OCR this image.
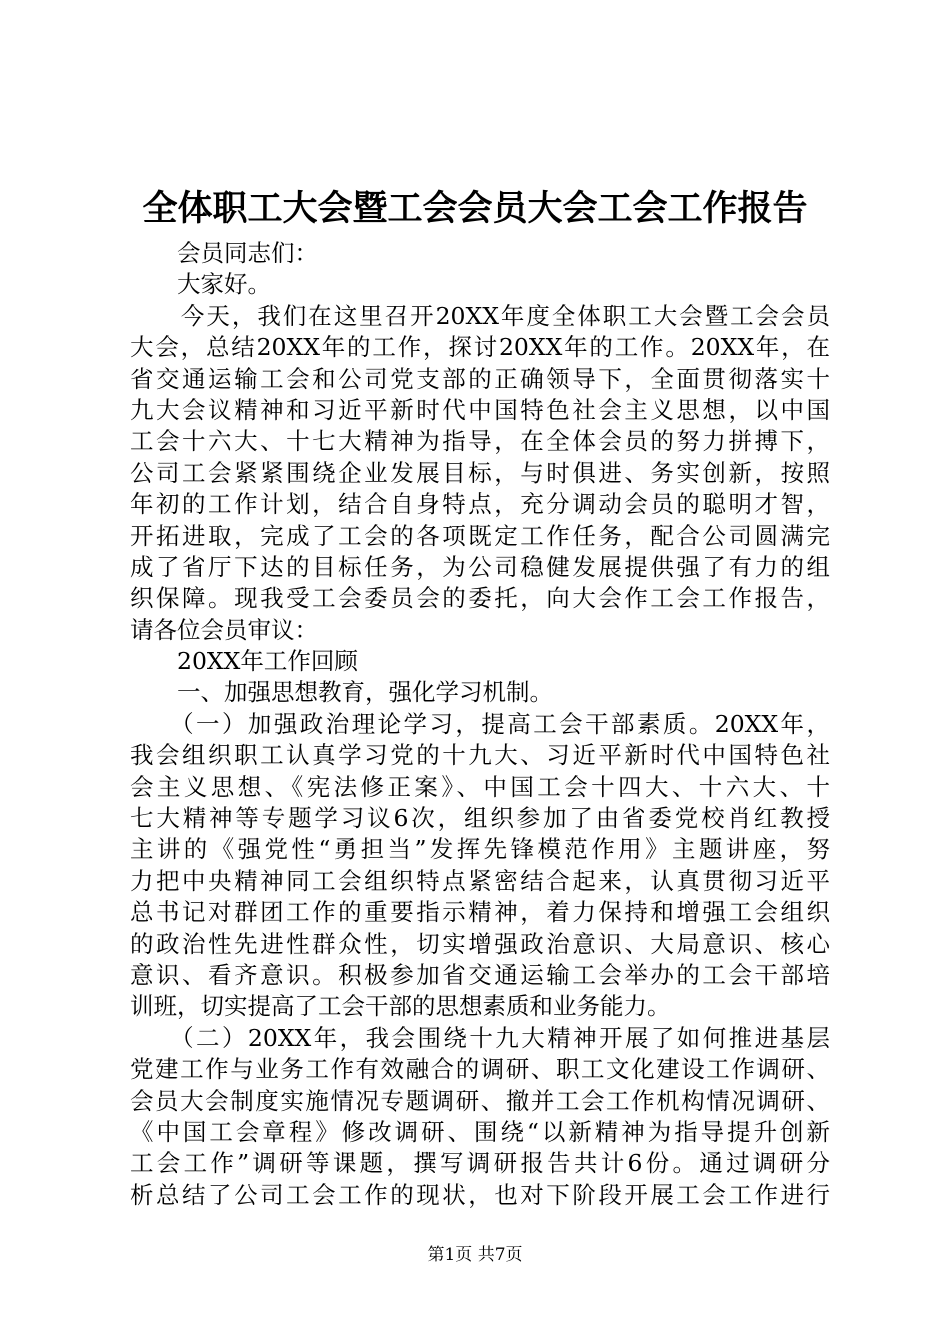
全体职工大会暨工会会员大会工会工作报告
　　会员同志们：
　　大家好。
　　今天，我们在这里召开20XX年度全体职工大会暨工会会员
大会，总结20XX年的工作，探讨20XX年的工作。20XX年，在
省交通运输工会和公司党支部的正确领导下，全面贯彻落实十
九大会议精神和习近平新时代中国特色社会主义思想，以中国
工会十六大、十七大精神为指导，在全体会员的努力拼搏下，
公司工会紧紧围绕企业发展目标，与时俱进、务实创新，按照
年初的工作计划，结合自身特点，充分调动会员的聪明才智，
开拓进取，完成了工会的各项既定工作任务，配合公司圆满完
成了省厅下达的目标任务，为公司稳健发展提供强了有力的组
织保障。现我受工会委员会的委托，向大会作工会工作报告，
请各位会员审议：
　　20XX年工作回顾
　　一、加强思想教育，强化学习机制。
　　（一）加强政治理论学习，提高工会干部素质。20XX年，
我会组织职工认真学习党的十九大、习近平新时代中国特色社
会主义思想、《宪法修正案》、中国工会十四大、十六大、十
七大精神等专题学习议6次，组织参加了由省委党校肖红教授
主讲的《强党性“勇担当”发挥先锋模范作用》主题讲座，努
力把中央精神同工会组织特点紧密结合起来，认真贯彻习近平
总书记对群团工作的重要指示精神，着力保持和增强工会组织
的政治性先进性群众性，切实增强政治意识、大局意识、核心
意识、看齐意识。积极参加省交通运输工会举办的工会干部培
训班，切实提高了工会干部的思想素质和业务能力。
　　（二）20XX年，我会围绕十九大精神开展了如何推进基层
党建工作与业务工作有效融合的调研、职工文化建设工作调研、
会员大会制度实施情况专题调研、撤并工会工作机构情况调研、
《中国工会章程》修改调研、围绕“以新精神为指导提升创新
工会工作”调研等课题，撰写调研报告共计6份。通过调研分
析总结了公司工会工作的现状，也对下阶段开展工会工作进行
第1页 共7页
